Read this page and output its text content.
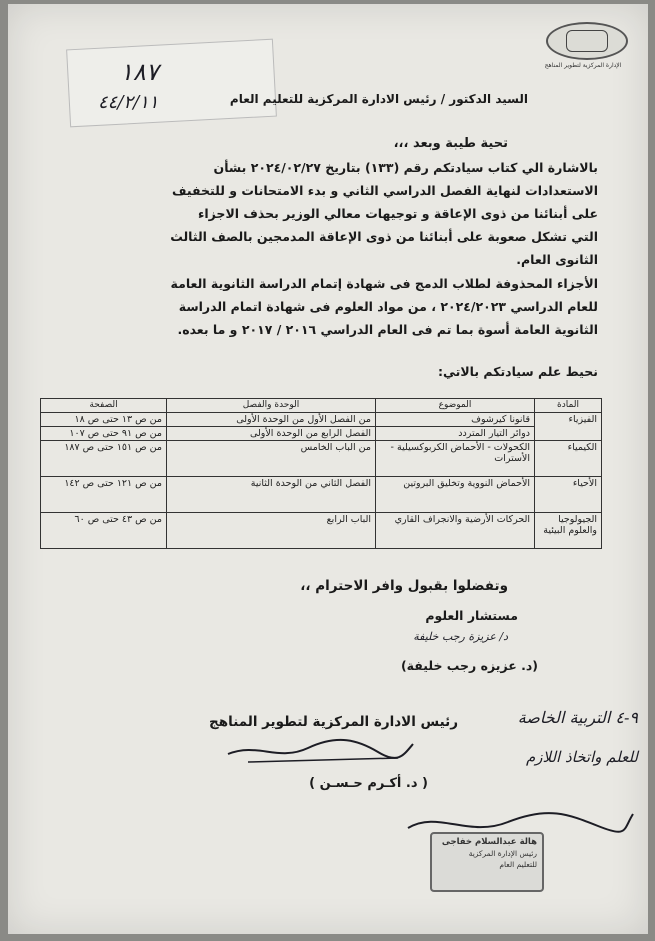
١٨٧
٤٤/٢/١١
الإدارة المركزية لتطوير المناهج
السيد الدكتور / رئيس الادارة المركزية للتعليم العام
تحية طيبة وبعد ،،،
بالاشارة الي كتاب سيادتكم رقم (١٣٣) بتاريخ ٢٠٢٤/٠٢/٢٧ بشأن
الاستعدادات لنهاية الفصل الدراسي الثاني و بدء الامتحانات و للتخفيف
على أبنائنا من ذوى الإعاقة و توجيهات معالي الوزير بحذف الاجزاء
التي تشكل صعوبة على أبنائنا من ذوى الإعاقة المدمجين بالصف الثالث
الثانوى العام.
الأجزاء المحذوفة لطلاب الدمج فى شهادة إتمام الدراسة الثانوية العامة
للعام الدراسي ٢٠٢٤/٢٠٢٣ ، من مواد العلوم فى شهادة اتمام الدراسة
الثانوية العامة أسوة بما تم فى العام الدراسي ٢٠١٦ / ٢٠١٧ و ما بعده.
نحيط علم سيادتكم بالاتي:
المادة	الموضوع	الوحدة والفصل	الصفحة
الفيزياء	قانونا كيرشوف	من الفصل الأول من الوحدة الأولى	من ص ١٣ حتى ص ١٨
	دوائر التيار المتردد	الفصل الرابع من الوحدة الأولى	من ص ٩١ حتى ص ١٠٧
الكيمياء	الكحولات - الأحماض الكربوكسيلية - الأسترات	من الباب الخامس	من ص ١٥١ حتى ص ١٨٧
الأحياء	الأحماض النووية وتخليق البروتين	الفصل الثاني من الوحدة الثانية	من ص ١٢١ حتى ص ١٤٢
الجيولوجيا والعلوم البيئية	الحركات الأرضية والانجراف القاري	الباب الرابع	من ص ٤٣ حتى ص ٦٠
وتفضلوا بقبول وافر الاحترام ،،
مستشار العلوم
د/ عزيزة رجب خليفة
(د. عزيزه رجب خليفة)
رئيس الادارة المركزية لتطوير المناهج	٩-٤ التربية الخاصة
( د. أكـرم حـسـن )
للعلم واتخاذ اللازم
هالة عبدالسلام خفاجى
رئيس الإدارة المركزية
للتعليم العام
